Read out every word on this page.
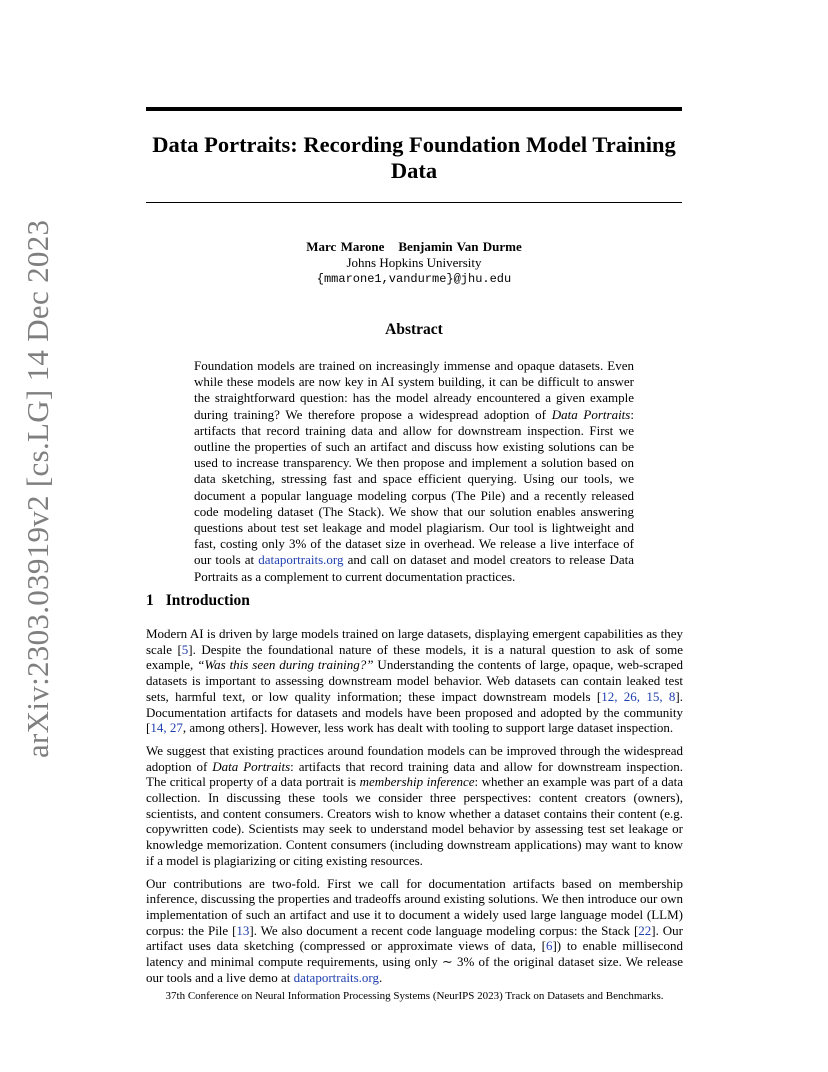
arXiv:2303.03919v2 [cs.LG] 14 Dec 2023
Data Portraits: Recording Foundation Model Training
Data
Marc Marone Benjamin Van Durme
Johns Hopkins University
{mmarone1,vandurme}@jhu.edu
Abstract
Foundation models are trained on increasingly immense and opaque datasets. Even while these models are now key in AI system building, it can be difficult to answer the straightforward question: has the model already encountered a given example during training? We therefore propose a widespread adoption of Data Portraits: artifacts that record training data and allow for downstream inspection. First we outline the properties of such an artifact and discuss how existing solutions can be used to increase transparency. We then propose and implement a solution based on data sketching, stressing fast and space efficient querying. Using our tools, we document a popular language modeling corpus (The Pile) and a recently released code modeling dataset (The Stack). We show that our solution enables answering questions about test set leakage and model plagiarism. Our tool is lightweight and fast, costing only 3% of the dataset size in overhead. We release a live interface of our tools at dataportraits.org and call on dataset and model creators to release Data Portraits as a complement to current documentation practices.
1 Introduction

Modern AI is driven by large models trained on large datasets, displaying emergent capabilities as they scale [5]. Despite the foundational nature of these models, it is a natural question to ask of some example, “Was this seen during training?” Understanding the contents of large, opaque, web-scraped datasets is important to assessing downstream model behavior. Web datasets can contain leaked test sets, harmful text, or low quality information; these impact downstream models [12, 26, 15, 8]. Documentation artifacts for datasets and models have been proposed and adopted by the community [14, 27, among others]. However, less work has dealt with tooling to support large dataset inspection.

We suggest that existing practices around foundation models can be improved through the widespread adoption of Data Portraits: artifacts that record training data and allow for downstream inspection. The critical property of a data portrait is membership inference: whether an example was part of a data collection. In discussing these tools we consider three perspectives: content creators (owners), scientists, and content consumers. Creators wish to know whether a dataset contains their content (e.g. copywritten code). Scientists may seek to understand model behavior by assessing test set leakage or knowledge memorization. Content consumers (including downstream applications) may want to know if a model is plagiarizing or citing existing resources.

Our contributions are two-fold. First we call for documentation artifacts based on membership inference, discussing the properties and tradeoffs around existing solutions. We then introduce our own implementation of such an artifact and use it to document a widely used large language model (LLM) corpus: the Pile [13]. We also document a recent code language modeling corpus: the Stack [22]. Our artifact uses data sketching (compressed or approximate views of data, [6]) to enable millisecond latency and minimal compute requirements, using only ∼ 3% of the original dataset size. We release our tools and a live demo at dataportraits.org.

37th Conference on Neural Information Processing Systems (NeurIPS 2023) Track on Datasets and Benchmarks.
